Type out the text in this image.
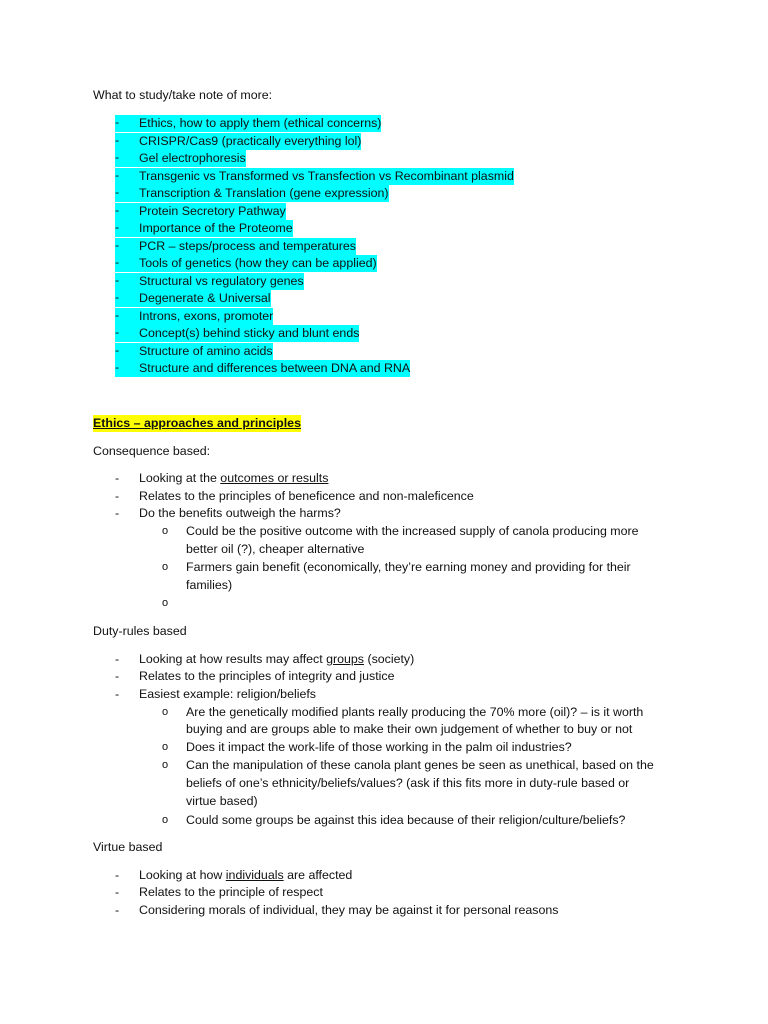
What to study/take note of more:
-	Ethics, how to apply them (ethical concerns)
-	CRISPR/Cas9 (practically everything lol)
-	Gel electrophoresis
-	Transgenic vs Transformed vs Transfection vs Recombinant plasmid
-	Transcription & Translation (gene expression)
-	Protein Secretory Pathway
-	Importance of the Proteome
-	PCR – steps/process and temperatures
-	Tools of genetics (how they can be applied)
-	Structural vs regulatory genes
-	Degenerate & Universal
-	Introns, exons, promoter
-	Concept(s) behind sticky and blunt ends
-	Structure of amino acids
-	Structure and differences between DNA and RNA
Ethics – approaches and principles
Consequence based:
-	Looking at the outcomes or results
-	Relates to the principles of beneficence and non-maleficence
-	Do the benefits outweigh the harms?
o	Could be the positive outcome with the increased supply of canola producing more
better oil (?), cheaper alternative
o	Farmers gain benefit (economically, they’re earning money and providing for their
families)
o
Duty-rules based
-	Looking at how results may affect groups (society)
-	Relates to the principles of integrity and justice
-	Easiest example: religion/beliefs
o	Are the genetically modified plants really producing the 70% more (oil)? – is it worth
buying and are groups able to make their own judgement of whether to buy or not
o	Does it impact the work-life of those working in the palm oil industries?
o	Can the manipulation of these canola plant genes be seen as unethical, based on the
beliefs of one’s ethnicity/beliefs/values? (ask if this fits more in duty-rule based or
virtue based)
o	Could some groups be against this idea because of their religion/culture/beliefs?
Virtue based
-	Looking at how individuals are affected
-	Relates to the principle of respect
-	Considering morals of individual, they may be against it for personal reasons
